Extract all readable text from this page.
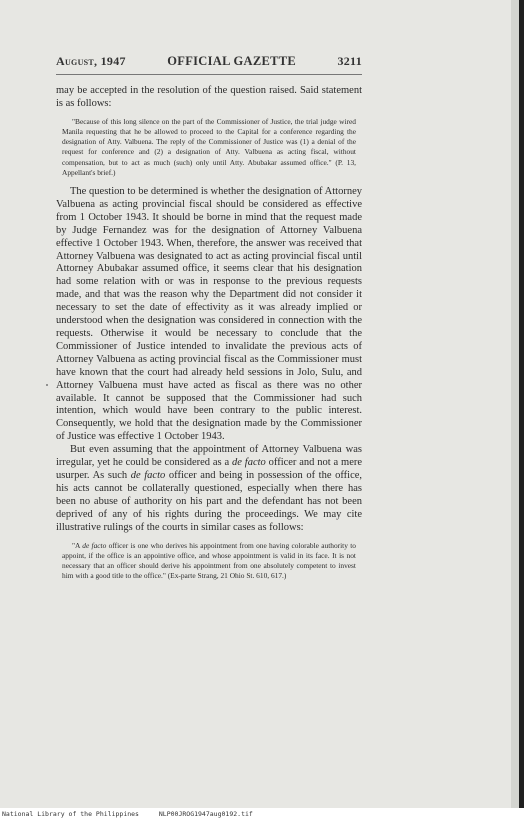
August, 1947	OFFICIAL GAZETTE	3211

may be accepted in the resolution of the question raised. Said statement is as follows:

"Because of this long silence on the part of the Commissioner of Justice, the trial judge wired Manila requesting that he be allowed to proceed to the Capital for a conference regarding the designation of Atty. Valbuena. The reply of the Commissioner of Justice was (1) a denial of the request for conference and (2) a designation of Atty. Valbuena as acting fiscal, without compensation, but to act as much (such) only until Atty. Abubakar assumed office." (P. 13, Appellant's brief.)

The question to be determined is whether the designation of Attorney Valbuena as acting provincial fiscal should be considered as effective from 1 October 1943. It should be borne in mind that the request made by Judge Fernandez was for the designation of Attorney Valbuena effective 1 October 1943. When, therefore, the answer was received that Attorney Valbuena was designated to act as acting provincial fiscal until Attorney Abubakar assumed office, it seems clear that his designation had some relation with or was in response to the previous requests made, and that was the reason why the Department did not consider it necessary to set the date of effectivity as it was already implied or understood when the designation was considered in connection with the requests. Otherwise it would be necessary to conclude that the Commissioner of Justice intended to invalidate the previous acts of Attorney Valbuena as acting provincial fiscal as the Commissioner must have known that the court had already held sessions in Jolo, Sulu, and Attorney Valbuena must have acted as fiscal as there was no other available. It cannot be supposed that the Commissioner had such intention, which would have been contrary to the public interest. Consequently, we hold that the designation made by the Commissioner of Justice was effective 1 October 1943.

But even assuming that the appointment of Attorney Valbuena was irregular, yet he could be considered as a de facto officer and not a mere usurper. As such de facto officer and being in possession of the office, his acts cannot be collaterally questioned, especially when there has been no abuse of authority on his part and the defendant has not been deprived of any of his rights during the proceedings. We may cite illustrative rulings of the courts in similar cases as follows:

"A de facto officer is one who derives his appointment from one having colorable authority to appoint, if the office is an appointive office, and whose appointment is valid in its face. It is not necessary that an officer should derive his appointment from one absolutely competent to invest him with a good title to the office." (Ex-parte Strang, 21 Ohio St. 610, 617.)

National Library of the Philippines	NLP00JROG1947aug0192.tif
